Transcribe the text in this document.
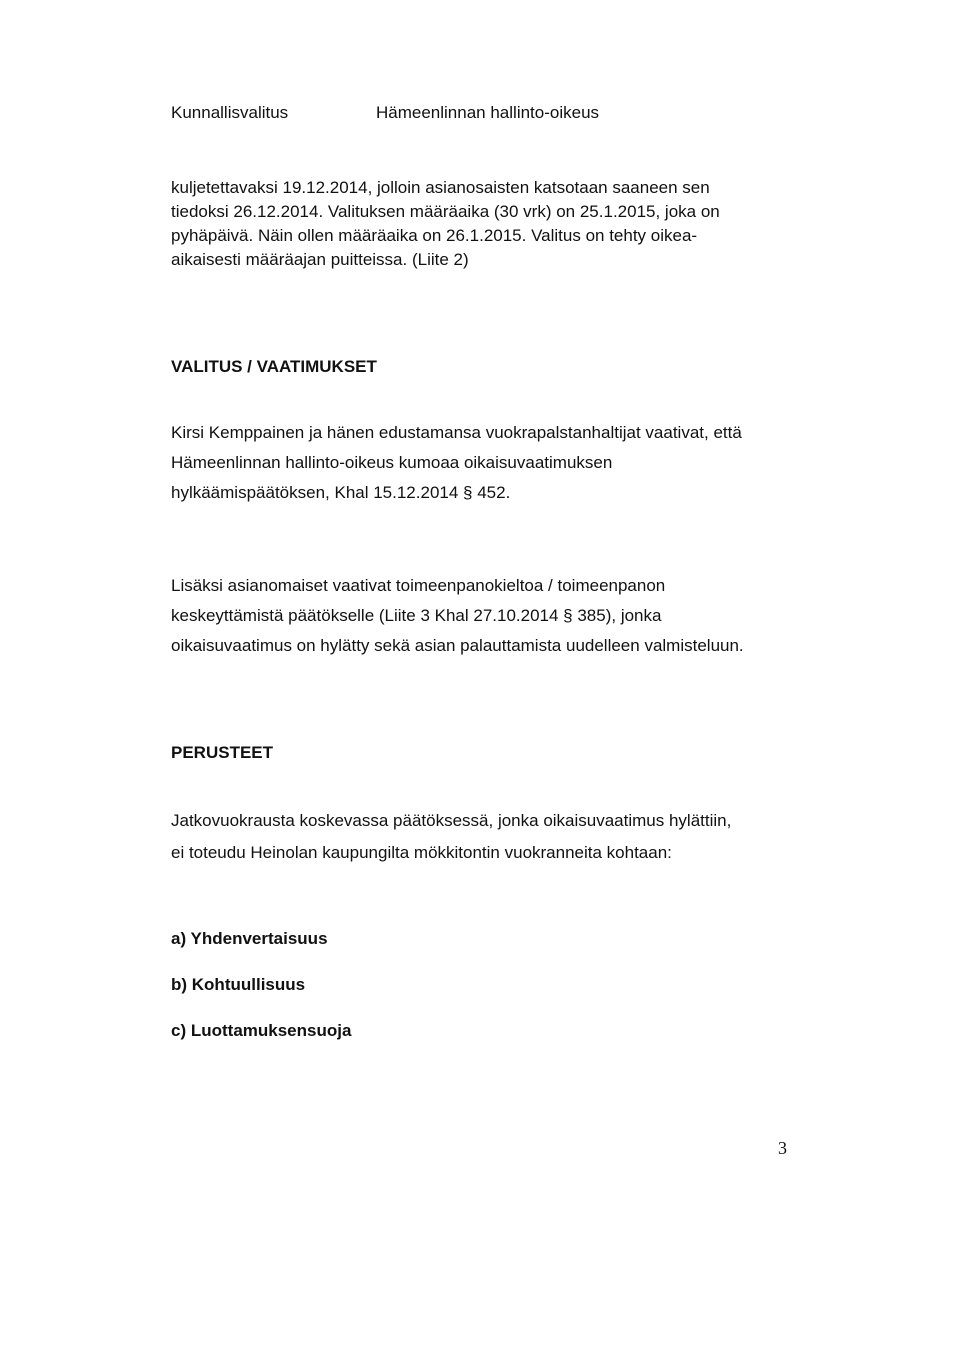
Kunnallisvalitus	Hämeenlinnan hallinto-oikeus

kuljetettavaksi 19.12.2014, jolloin asianosaisten katsotaan saaneen sen
tiedoksi 26.12.2014. Valituksen määräaika (30 vrk) on 25.1.2015, joka on
pyhäpäivä. Näin ollen määräaika on 26.1.2015. Valitus on tehty oikea-
aikaisesti määräajan puitteissa. (Liite 2)

VALITUS / VAATIMUKSET

Kirsi Kemppainen ja hänen edustamansa vuokrapalstanhaltijat vaativat, että
Hämeenlinnan hallinto-oikeus kumoaa oikaisuvaatimuksen
hylkäämispäätöksen, Khal 15.12.2014 § 452.

Lisäksi asianomaiset vaativat toimeenpanokieltoa / toimeenpanon
keskeyttämistä päätökselle (Liite 3 Khal 27.10.2014 § 385), jonka
oikaisuvaatimus on hylätty sekä asian palauttamista uudelleen valmisteluun.

PERUSTEET

Jatkovuokrausta koskevassa päätöksessä, jonka oikaisuvaatimus hylättiin,
ei toteudu Heinolan kaupungilta mökkitontin vuokranneita kohtaan:

a) Yhdenvertaisuus
b) Kohtuullisuus
c) Luottamuksensuoja
3
